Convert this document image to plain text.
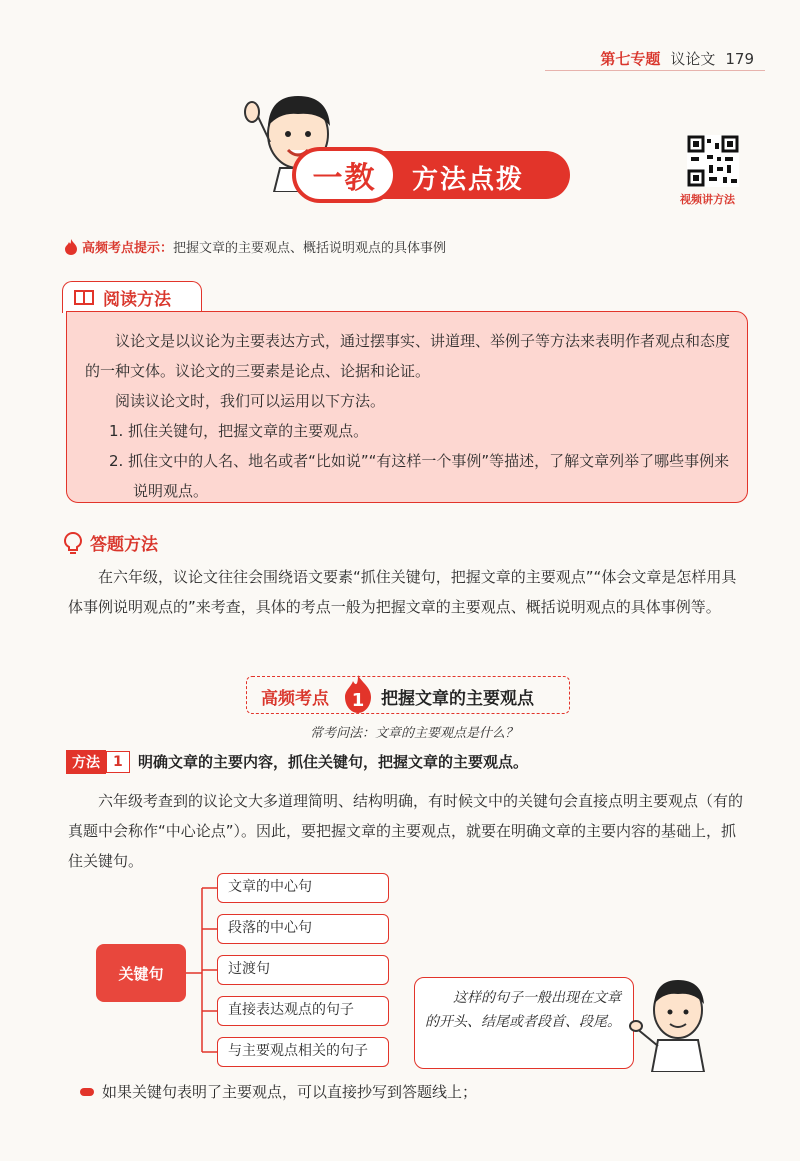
第七专题 议论文 179
一教 方法点拨
视频讲方法
高频考点提示： 把握文章的主要观点、概括说明观点的具体事例
阅读方法

议论文是以议论为主要表达方式，通过摆事实、讲道理、举例子等方法来表明作者观点和态度的一种文体。议论文的三要素是论点、论据和论证。

阅读议论文时，我们可以运用以下方法。

1. 抓住关键句，把握文章的主要观点。

2. 抓住文中的人名、地名或者“比如说”“有这样一个事例”等描述，了解文章列举了哪些事例来说明观点。

答题方法

在六年级，议论文往往会围绕语文要素“抓住关键句，把握文章的主要观点”“体会文章是怎样用具体事例说明观点的”来考查，具体的考点一般为把握文章的主要观点、概括说明观点的具体事例等。

高频考点 1 把握文章的主要观点
常考问法：文章的主要观点是什么？
方法 1	明确文章的主要内容，抓住关键句，把握文章的主要观点。

六年级考查到的议论文大多道理简明、结构明确，有时候文中的关键句会直接点明主要观点（有的真题中会称作“中心论点”）。因此，要把握文章的主要观点，就要在明确文章的主要内容的基础上，抓住关键句。

关键句
文章的中心句
段落的中心句
过渡句
直接表达观点的句子
与主要观点相关的句子
这样的句子一般出现在文章的开头、结尾或者段首、段尾。
如果关键句表明了主要观点，可以直接抄写到答题线上；
